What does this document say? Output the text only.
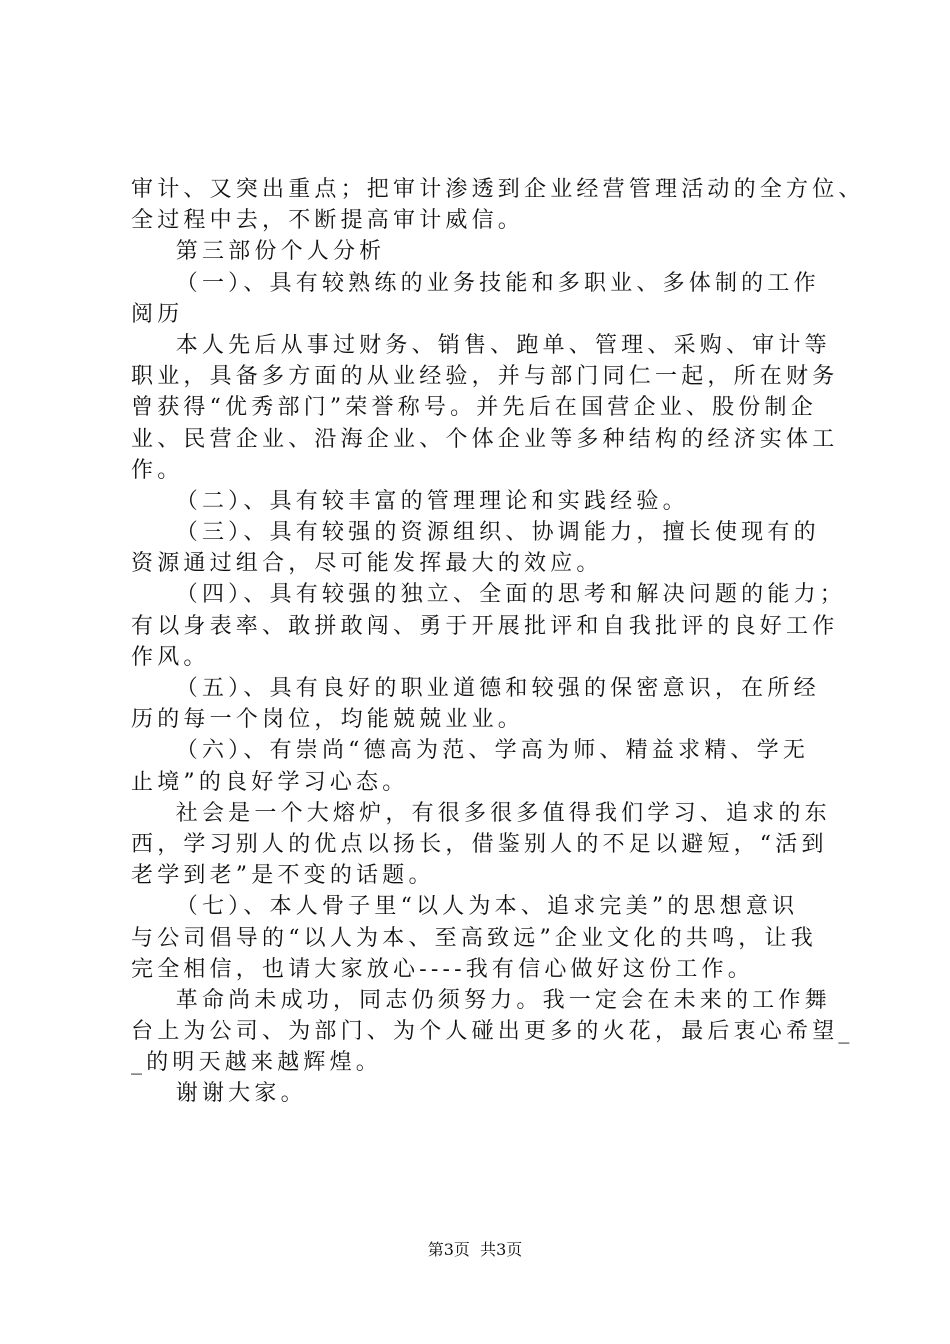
审计、又突出重点；把审计渗透到企业经营管理活动的全方位、
全过程中去，不断提高审计威信。
第三部份个人分析
（一）、具有较熟练的业务技能和多职业、多体制的工作
阅历
本人先后从事过财务、销售、跑单、管理、采购、审计等
职业，具备多方面的从业经验，并与部门同仁一起，所在财务
曾获得“优秀部门”荣誉称号。并先后在国营企业、股份制企
业、民营企业、沿海企业、个体企业等多种结构的经济实体工
作。
（二）、具有较丰富的管理理论和实践经验。
（三）、具有较强的资源组织、协调能力，擅长使现有的
资源通过组合，尽可能发挥最大的效应。
（四）、具有较强的独立、全面的思考和解决问题的能力；
有以身表率、敢拼敢闯、勇于开展批评和自我批评的良好工作
作风。
（五）、具有良好的职业道德和较强的保密意识，在所经
历的每一个岗位，均能兢兢业业。
（六）、有崇尚“德高为范、学高为师、精益求精、学无
止境”的良好学习心态。
社会是一个大熔炉，有很多很多值得我们学习、追求的东
西，学习别人的优点以扬长，借鉴别人的不足以避短，“活到
老学到老”是不变的话题。
（七）、本人骨子里“以人为本、追求完美”的思想意识
与公司倡导的“以人为本、至高致远”企业文化的共鸣，让我
完全相信，也请大家放心----我有信心做好这份工作。
革命尚未成功，同志仍须努力。我一定会在未来的工作舞
台上为公司、为部门、为个人碰出更多的火花，最后衷心希望_
_的明天越来越辉煌。
谢谢大家。
第3页  共3页
